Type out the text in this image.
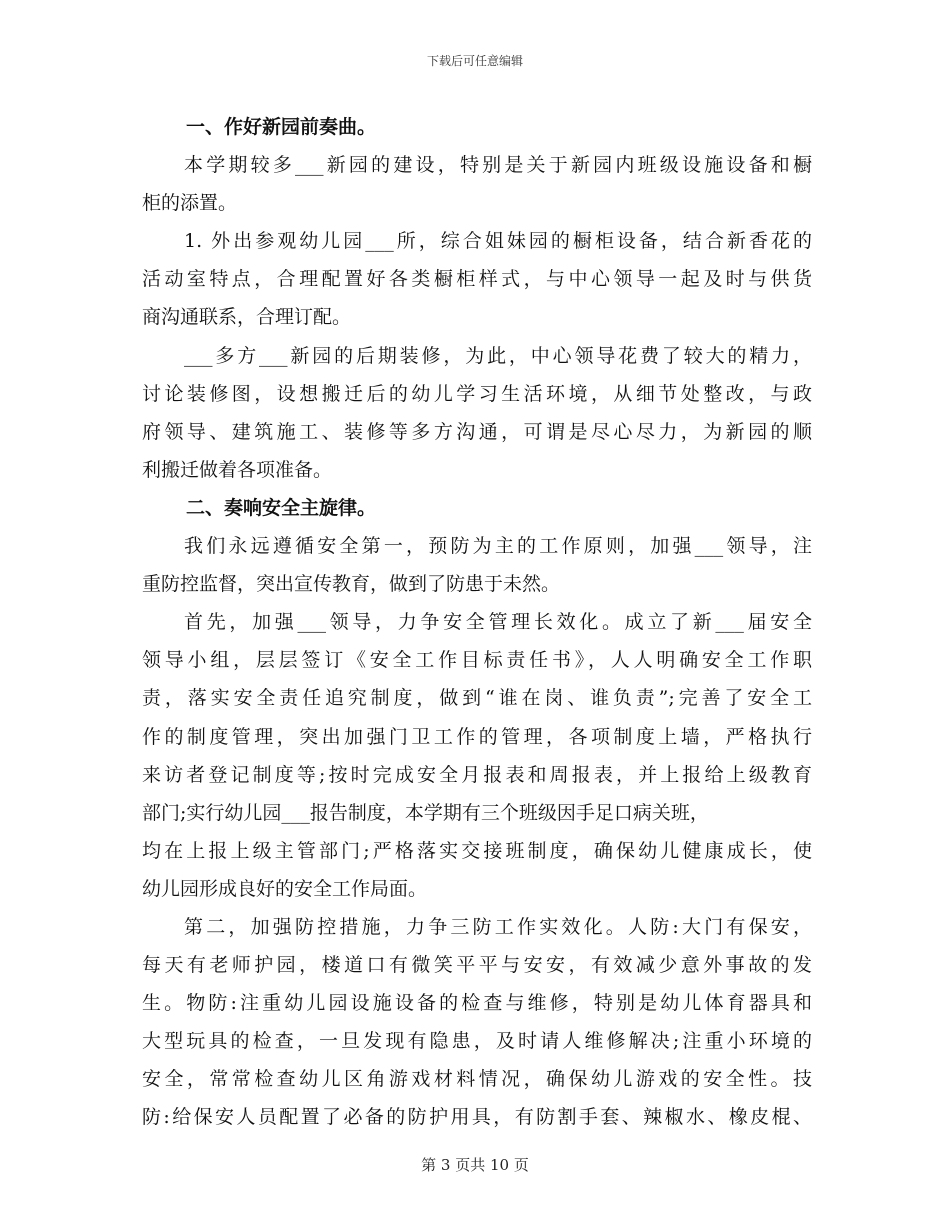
下载后可任意编辑
一、作好新园前奏曲。
本学期较多___新园的建设，特别是关于新园内班级设施设备和橱
柜的添置。
1. 外出参观幼儿园___所，综合姐妹园的橱柜设备，结合新香花的
活动室特点，合理配置好各类橱柜样式，与中心领导一起及时与供货
商沟通联系，合理订配。
___多方___新园的后期装修，为此，中心领导花费了较大的精力，
讨论装修图，设想搬迁后的幼儿学习生活环境，从细节处整改，与政
府领导、建筑施工、装修等多方沟通，可谓是尽心尽力，为新园的顺
利搬迁做着各项准备。
二、奏响安全主旋律。
我们永远遵循安全第一，预防为主的工作原则，加强___领导，注
重防控监督，突出宣传教育，做到了防患于未然。
首先，加强___领导，力争安全管理长效化。成立了新___届安全
领导小组，层层签订《安全工作目标责任书》，人人明确安全工作职
责，落实安全责任追究制度，做到“谁在岗、谁负责”;完善了安全工
作的制度管理，突出加强门卫工作的管理，各项制度上墙，严格执行
来访者登记制度等;按时完成安全月报表和周报表，并上报给上级教育
部门;实行幼儿园___报告制度，本学期有三个班级因手足口病关班，
均在上报上级主管部门;严格落实交接班制度，确保幼儿健康成长，使
幼儿园形成良好的安全工作局面。
第二，加强防控措施，力争三防工作实效化。人防:大门有保安，
每天有老师护园，楼道口有微笑平平与安安，有效减少意外事故的发
生。物防:注重幼儿园设施设备的检查与维修，特别是幼儿体育器具和
大型玩具的检查，一旦发现有隐患，及时请人维修解决;注重小环境的
安全，常常检查幼儿区角游戏材料情况，确保幼儿游戏的安全性。技
防:给保安人员配置了必备的防护用具，有防割手套、辣椒水、橡皮棍、
第 3 页共 10 页
